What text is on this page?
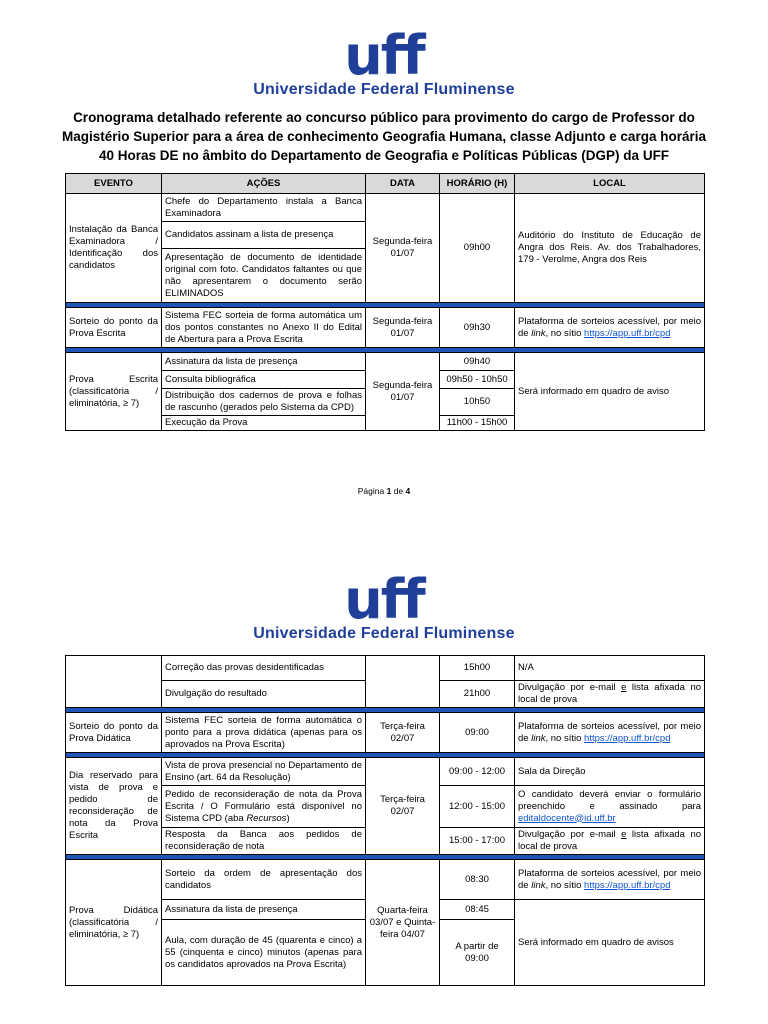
uff
Universidade Federal Fluminense
Cronograma detalhado referente ao concurso público para provimento do cargo de Professor do Magistério Superior para a área de conhecimento Geografia Humana, classe Adjunto e carga horária 40 Horas DE no âmbito do Departamento de Geografia e Políticas Públicas (DGP) da UFF
EVENTO	AÇÕES	DATA	HORÁRIO (H)	LOCAL
Instalação da Banca Examinadora / Identificação dos candidatos	Chefe do Departamento instala a Banca Examinadora	Segunda-feira 01/07	09h00	Auditório do Instituto de Educação de Angra dos Reis. Av. dos Trabalhadores, 179 - Verolme, Angra dos Reis
	Candidatos assinam a lista de presença			
	Apresentação de documento de identidade original com foto. Candidatos faltantes ou que não apresentarem o documento serão ELIMINADOS			

Sorteio do ponto da Prova Escrita	Sistema FEC sorteia de forma automática um dos pontos constantes no Anexo II do Edital de Abertura para a Prova Escrita	Segunda-feira 01/07	09h30	Plataforma de sorteios acessível, por meio de link, no sítio https://app.uff.br/cpd

Prova Escrita (classificatória / eliminatória, ≥ 7)	Assinatura da lista de presença	Segunda-feira 01/07	09h40	Será informado em quadro de aviso
	Consulta bibliográfica		09h50 - 10h50	
	Distribuição dos cadernos de prova e folhas de rascunho (gerados pelo Sistema da CPD)		10h50	
	Execução da Prova		11h00 - 15h00	
Página 1 de 4
uff
Universidade Federal Fluminense
	Correção das provas desidentificadas		15h00	N/A
	Divulgação do resultado		21h00	Divulgação por e-mail e lista afixada no local de prova

Sorteio do ponto da Prova Didática	Sistema FEC sorteia de forma automática o ponto para a prova didática (apenas para os aprovados na Prova Escrita)	Terça-feira 02/07	09:00	Plataforma de sorteios acessível, por meio de link, no sítio https://app.uff.br/cpd

Dia reservado para vista de prova e pedido de reconsideração de nota da Prova Escrita	Vista de prova presencial no Departamento de Ensino (art. 64 da Resolução)	Terça-feira 02/07	09:00 - 12:00	Sala da Direção
	Pedido de reconsideração de nota da Prova Escrita / O Formulário está disponível no Sistema CPD (aba Recursos)		12:00 - 15:00	O candidato deverá enviar o formulário preenchido e assinado para editaldocente@id.uff.br
	Resposta da Banca aos pedidos de reconsideração de nota		15:00 - 17:00	Divulgação por e-mail e lista afixada no local de prova

Prova Didática (classificatória / eliminatória, ≥ 7)	Sorteio da ordem de apresentação dos candidatos	Quarta-feira 03/07 e Quinta-feira 04/07	08:30	Plataforma de sorteios acessível, por meio de link, no sítio https://app.uff.br/cpd
	Assinatura da lista de presença		08:45	Será informado em quadro de avisos
	Aula, com duração de 45 (quarenta e cinco) a 55 (cinquenta e cinco) minutos (apenas para os candidatos aprovados na Prova Escrita)		A partir de 09:00	
